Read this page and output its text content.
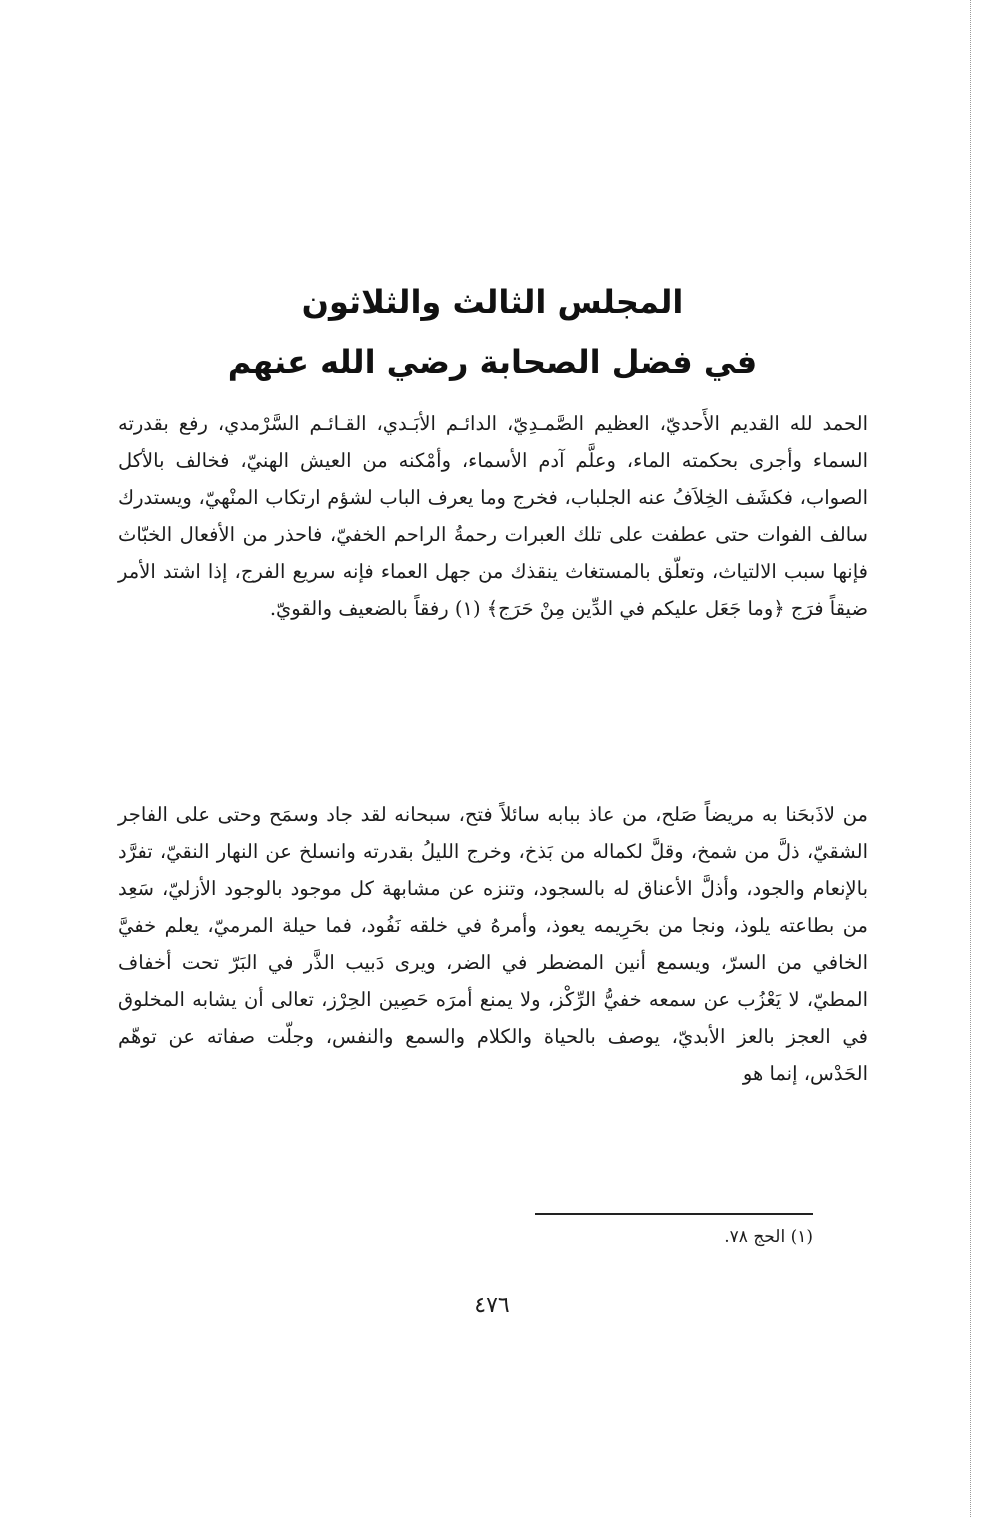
المجلس الثالث والثلاثون

في فضل الصحابة رضي الله عنهم

الحمد لله القديم الأَحديّ، العظيم الصَّمـدِيّ، الدائـم الأبَـدي، القـائـم السَّرْمدي، رفع بقدرته السماء وأجرى بحكمته الماء، وعلَّم آدم الأسماء، وأمْكنه من العيش الهنيّ، فخالف بالأكل الصواب، فكشَف الخِلاَفُ عنه الجلباب، فخرج وما يعرف الباب لشؤم ارتكاب المنْهيّ، ويستدرك سالف الفوات حتى عطفت على تلك العبرات رحمةُ الراحم الخفيّ، فاحذر من الأفعال الخبّاث فإنها سبب الالتياث، وتعلّق بالمستغاث ينقذك من جهل العماء فإنه سريع الفرج، إذا اشتد الأمر ضيقاً فرَج ﴿وما جَعَل عليكم في الدِّين مِنْ حَرَج﴾ (١) رفقاً بالضعيف والقويّ.

من لاذَبحَنا به مريضاً صَلح، من عاذ ببابه سائلاً فتح، سبحانه لقد جاد وسمَح وحتى على الفاجر الشقيّ، ذلَّ من شمخ، وقلَّ لكماله من بَذخ، وخرج الليلُ بقدرته وانسلخ عن النهار النقيّ، تفرَّد بالإنعام والجود، وأذلَّ الأعناق له بالسجود، وتنزه عن مشابهة كل موجود بالوجود الأزليّ، سَعِد من بطاعته يلوذ، ونجا من بحَرِيمه يعوذ، وأمرهُ في خلقه نَفُود، فما حيلة المرميّ، يعلم خفيَّ الخافي من السرّ، ويسمع أنين المضطر في الضر، ويرى دَبيب الذَّر في البَرّ تحت أخفاف المطيّ، لا يَعْزُب عن سمعه خفيُّ الرِّكْز، ولا يمنع أمرَه حَصِين الحِرْز، تعالى أن يشابه المخلوق في العجز بالعز الأبديّ، يوصف بالحياة والكلام والسمع والنفس، وجلّت صفاته عن توهّم الحَدْس، إنما هو

(١) الحج ٧٨.
٤٧٦
